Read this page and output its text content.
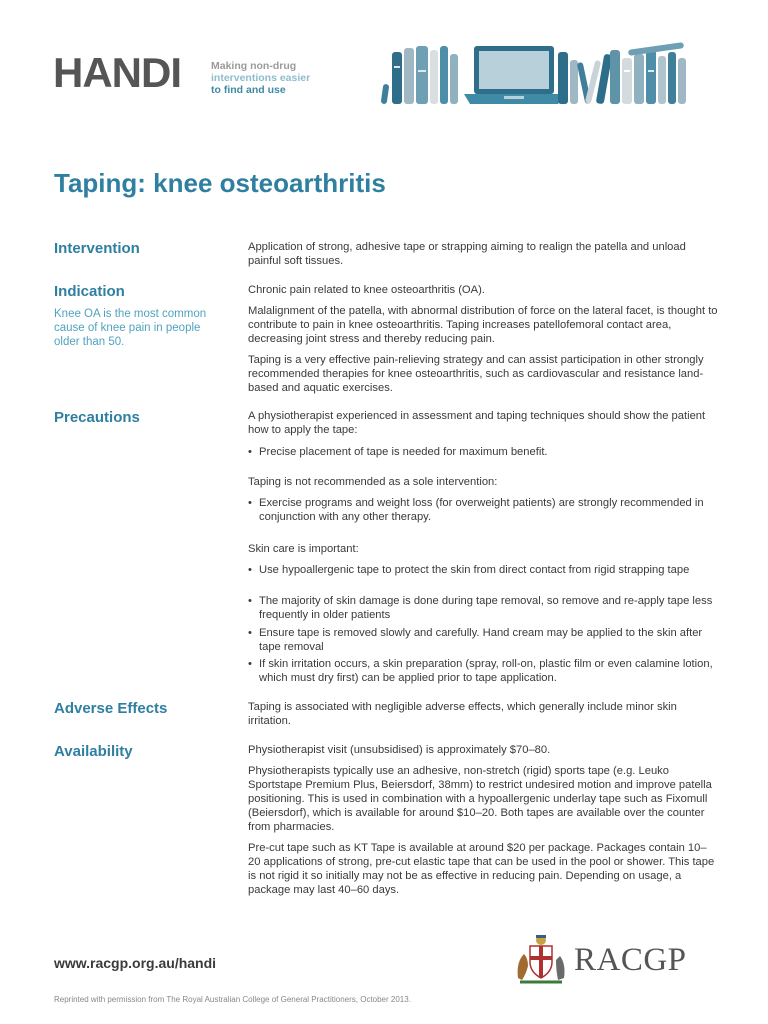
HANDI	Making non-drug
interventions easier
to find and use
Taping: knee osteoarthritis
Intervention	Application of strong, adhesive tape or strapping aiming to realign the patella and unload painful soft tissues.

Indication
Knee OA is the most common cause of knee pain in people older than 50.

Chronic pain related to knee osteoarthritis (OA).

Malalignment of the patella, with abnormal distribution of force on the lateral facet, is thought to contribute to pain in knee osteoarthritis. Taping increases patellofemoral contact area, decreasing joint stress and thereby reducing pain.

Taping is a very effective pain-relieving strategy and can assist participation in other strongly recommended therapies for knee osteoarthritis, such as cardiovascular and resistance land-based and aquatic exercises.

Precautions	A physiotherapist experienced in assessment and taping techniques should show the patient how to apply the tape:

• Precise placement of tape is needed for maximum benefit.

Taping is not recommended as a sole intervention:

• Exercise programs and weight loss (for overweight patients) are strongly recommended in conjunction with any other therapy.

Skin care is important:

• Use hypoallergenic tape to protect the skin from direct contact from rigid strapping tape
• The majority of skin damage is done during tape removal, so remove and re-apply tape less frequently in older patients
• Ensure tape is removed slowly and carefully. Hand cream may be applied to the skin after tape removal
• If skin irritation occurs, a skin preparation (spray, roll-on, plastic film or even calamine lotion, which must dry first) can be applied prior to tape application.
Adverse Effects	Taping is associated with negligible adverse effects, which generally include minor skin irritation.

Availability	Physiotherapist visit (unsubsidised) is approximately $70–80.

Physiotherapists typically use an adhesive, non-stretch (rigid) sports tape (e.g. Leuko Sportstape Premium Plus, Beiersdorf, 38mm) to restrict undesired motion and improve patella positioning. This is used in combination with a hypoallergenic underlay tape such as Fixomull (Beiersdorf), which is available for around $10–20. Both tapes are available over the counter from pharmacies.

Pre-cut tape such as KT Tape is available at around $20 per package. Packages contain 10–20 applications of strong, pre-cut elastic tape that can be used in the pool or shower. This tape is not rigid it so initially may not be as effective in reducing pain. Depending on usage, a package may last 40–60 days.

www.racgp.org.au/handi	RACGP
Reprinted with permission from The Royal Australian College of General Practitioners, October 2013.
